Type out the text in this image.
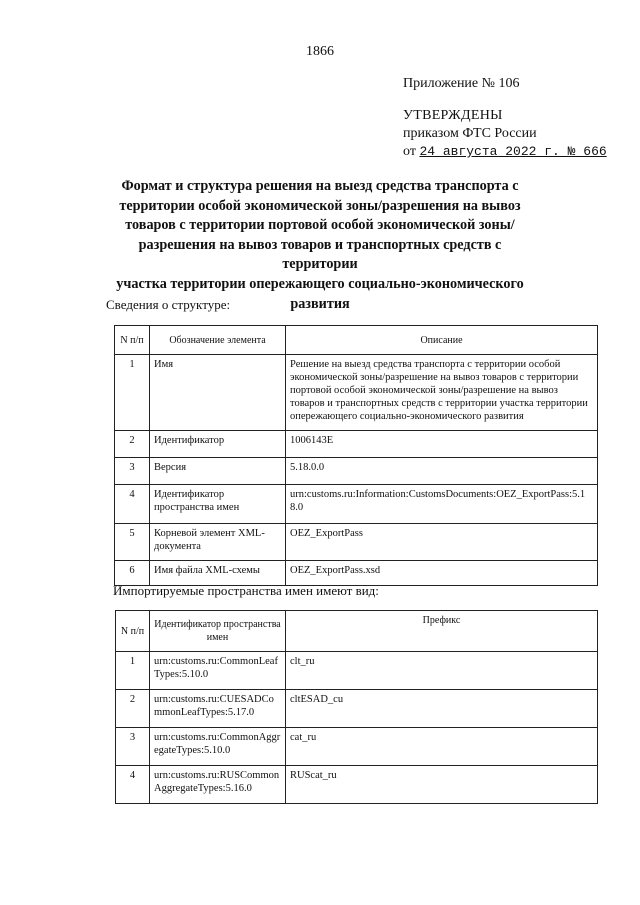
1866
Приложение № 106
УТВЕРЖДЕНЫ
приказом ФТС России
от 24 августа 2022 г. № 666
Формат и структура решения на выезд средства транспорта с
территории особой экономической зоны/разрешения на вывоз
товаров с территории портовой особой экономической зоны/
разрешения на вывоз товаров и транспортных средств с территории
участка территории опережающего социально-экономического
развития
Сведения о структуре:
N п/п	Обозначение элемента	Описание
1	Имя	Решение на выезд средства транспорта с территории особой экономической зоны/разрешение на вывоз товаров с территории портовой особой экономической зоны/разрешение на вывоз товаров и транспортных средств с территории участка территории опережающего социально-экономического развития
2	Идентификатор	1006143E
3	Версия	5.18.0.0
4	Идентификатор пространства имен	urn:customs.ru:Information:CustomsDocuments:OEZ_ExportPass:5.18.0
5	Корневой элемент XML-документа	OEZ_ExportPass
6	Имя файла XML-схемы	OEZ_ExportPass.xsd
Импортируемые пространства имен имеют вид:
N п/п	Идентификатор пространства имен	Префикс
1	urn:customs.ru:CommonLeafTypes:5.10.0	clt_ru
2	urn:customs.ru:CUESADCommonLeafTypes:5.17.0	cltESAD_cu
3	urn:customs.ru:CommonAggregateTypes:5.10.0	cat_ru
4	urn:customs.ru:RUSCommonAggregateTypes:5.16.0	RUScat_ru
